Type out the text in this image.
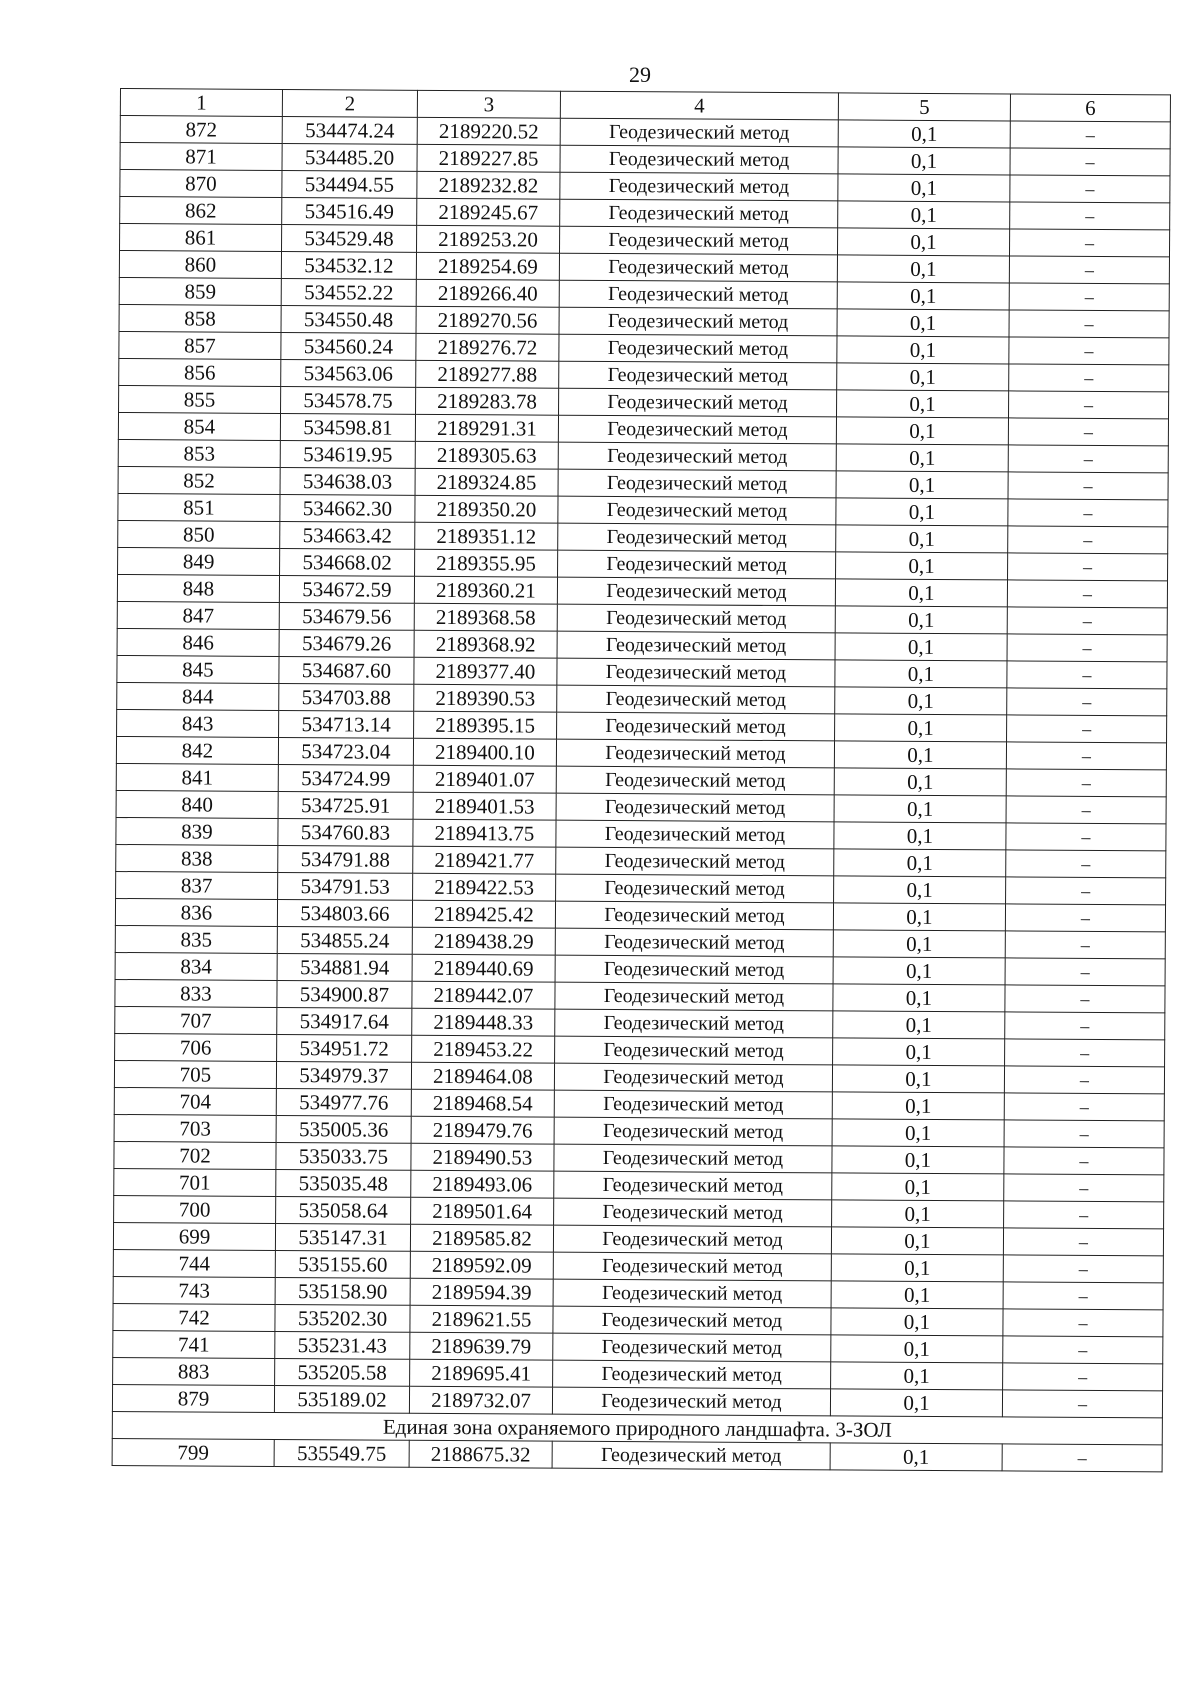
29
1	2	3	4	5	6
872	534474.24	2189220.52	Геодезический метод	0,1	–
871	534485.20	2189227.85	Геодезический метод	0,1	–
870	534494.55	2189232.82	Геодезический метод	0,1	–
862	534516.49	2189245.67	Геодезический метод	0,1	–
861	534529.48	2189253.20	Геодезический метод	0,1	–
860	534532.12	2189254.69	Геодезический метод	0,1	–
859	534552.22	2189266.40	Геодезический метод	0,1	–
858	534550.48	2189270.56	Геодезический метод	0,1	–
857	534560.24	2189276.72	Геодезический метод	0,1	–
856	534563.06	2189277.88	Геодезический метод	0,1	–
855	534578.75	2189283.78	Геодезический метод	0,1	–
854	534598.81	2189291.31	Геодезический метод	0,1	–
853	534619.95	2189305.63	Геодезический метод	0,1	–
852	534638.03	2189324.85	Геодезический метод	0,1	–
851	534662.30	2189350.20	Геодезический метод	0,1	–
850	534663.42	2189351.12	Геодезический метод	0,1	–
849	534668.02	2189355.95	Геодезический метод	0,1	–
848	534672.59	2189360.21	Геодезический метод	0,1	–
847	534679.56	2189368.58	Геодезический метод	0,1	–
846	534679.26	2189368.92	Геодезический метод	0,1	–
845	534687.60	2189377.40	Геодезический метод	0,1	–
844	534703.88	2189390.53	Геодезический метод	0,1	–
843	534713.14	2189395.15	Геодезический метод	0,1	–
842	534723.04	2189400.10	Геодезический метод	0,1	–
841	534724.99	2189401.07	Геодезический метод	0,1	–
840	534725.91	2189401.53	Геодезический метод	0,1	–
839	534760.83	2189413.75	Геодезический метод	0,1	–
838	534791.88	2189421.77	Геодезический метод	0,1	–
837	534791.53	2189422.53	Геодезический метод	0,1	–
836	534803.66	2189425.42	Геодезический метод	0,1	–
835	534855.24	2189438.29	Геодезический метод	0,1	–
834	534881.94	2189440.69	Геодезический метод	0,1	–
833	534900.87	2189442.07	Геодезический метод	0,1	–
707	534917.64	2189448.33	Геодезический метод	0,1	–
706	534951.72	2189453.22	Геодезический метод	0,1	–
705	534979.37	2189464.08	Геодезический метод	0,1	–
704	534977.76	2189468.54	Геодезический метод	0,1	–
703	535005.36	2189479.76	Геодезический метод	0,1	–
702	535033.75	2189490.53	Геодезический метод	0,1	–
701	535035.48	2189493.06	Геодезический метод	0,1	–
700	535058.64	2189501.64	Геодезический метод	0,1	–
699	535147.31	2189585.82	Геодезический метод	0,1	–
744	535155.60	2189592.09	Геодезический метод	0,1	–
743	535158.90	2189594.39	Геодезический метод	0,1	–
742	535202.30	2189621.55	Геодезический метод	0,1	–
741	535231.43	2189639.79	Геодезический метод	0,1	–
883	535205.58	2189695.41	Геодезический метод	0,1	–
879	535189.02	2189732.07	Геодезический метод	0,1	–
Единая зона охраняемого природного ландшафта. 3-ЗОЛ					
799	535549.75	2188675.32	Геодезический метод	0,1	–
